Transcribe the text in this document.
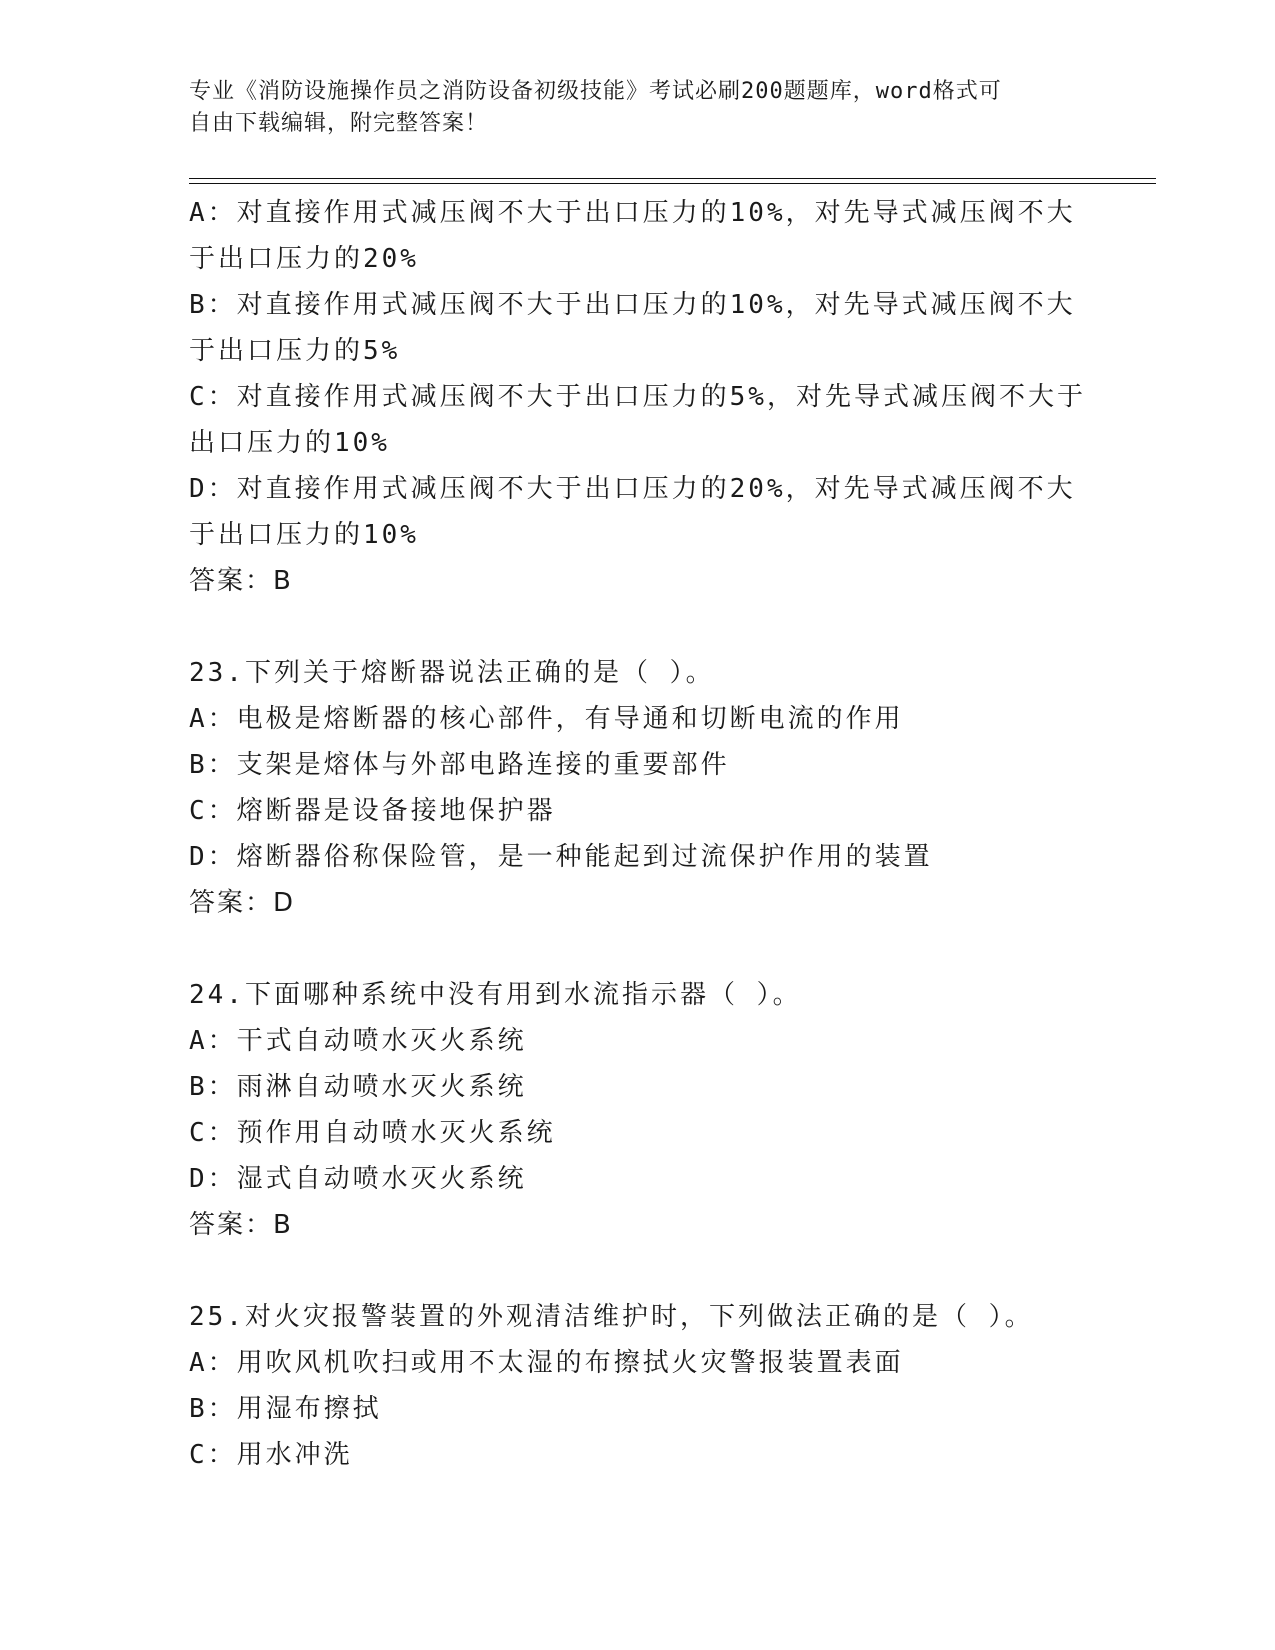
专业《消防设施操作员之消防设备初级技能》考试必刷200题题库，word格式可
自由下载编辑，附完整答案！
A：对直接作用式减压阀不大于出口压力的10%，对先导式减压阀不大
于出口压力的20%
B：对直接作用式减压阀不大于出口压力的10%，对先导式减压阀不大
于出口压力的5%
C：对直接作用式减压阀不大于出口压力的5%，对先导式减压阀不大于
出口压力的10%
D：对直接作用式减压阀不大于出口压力的20%，对先导式减压阀不大
于出口压力的10%
答案：B
23.下列关于熔断器说法正确的是（ ）。
A：电极是熔断器的核心部件，有导通和切断电流的作用
B：支架是熔体与外部电路连接的重要部件
C：熔断器是设备接地保护器
D：熔断器俗称保险管，是一种能起到过流保护作用的装置
答案：D
24.下面哪种系统中没有用到水流指示器（ ）。
A：干式自动喷水灭火系统
B：雨淋自动喷水灭火系统
C：预作用自动喷水灭火系统
D：湿式自动喷水灭火系统
答案：B
25.对火灾报警装置的外观清洁维护时，下列做法正确的是（ ）。
A：用吹风机吹扫或用不太湿的布擦拭火灾警报装置表面
B：用湿布擦拭
C：用水冲洗
